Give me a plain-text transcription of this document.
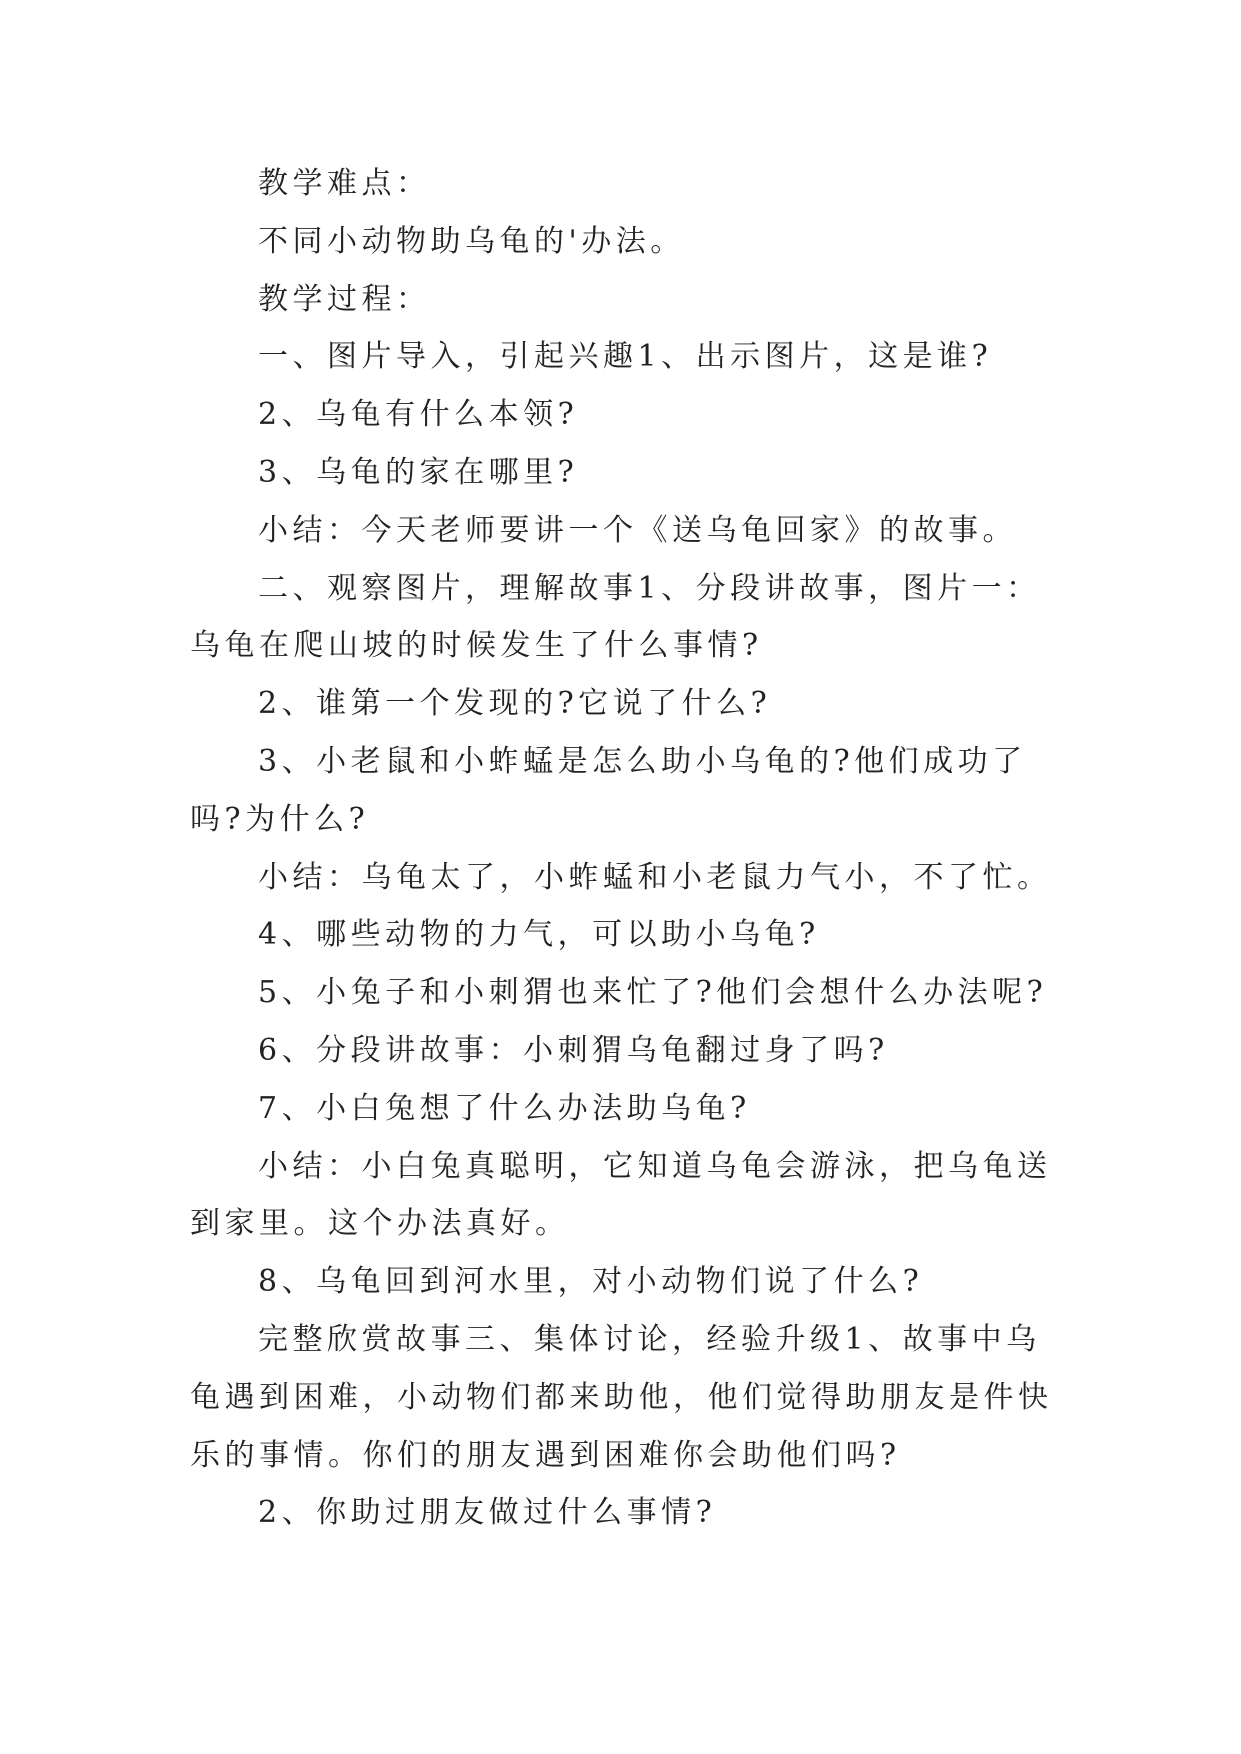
教学难点：

不同小动物助乌龟的'办法。

教学过程：

一、图片导入，引起兴趣1、出示图片，这是谁?

2、乌龟有什么本领?

3、乌龟的家在哪里?

小结：今天老师要讲一个《送乌龟回家》的故事。

二、观察图片，理解故事1、分段讲故事，图片一：乌龟在爬山坡的时候发生了什么事情?

2、谁第一个发现的?它说了什么?

3、小老鼠和小蚱蜢是怎么助小乌龟的?他们成功了吗?为什么?

小结：乌龟太了，小蚱蜢和小老鼠力气小，不了忙。

4、哪些动物的力气，可以助小乌龟?

5、小兔子和小刺猬也来忙了?他们会想什么办法呢?

6、分段讲故事：小刺猬乌龟翻过身了吗?

7、小白兔想了什么办法助乌龟?

小结：小白兔真聪明，它知道乌龟会游泳，把乌龟送到家里。这个办法真好。

8、乌龟回到河水里，对小动物们说了什么?

完整欣赏故事三、集体讨论，经验升级1、故事中乌龟遇到困难，小动物们都来助他，他们觉得助朋友是件快乐的事情。你们的朋友遇到困难你会助他们吗?

2、你助过朋友做过什么事情?
